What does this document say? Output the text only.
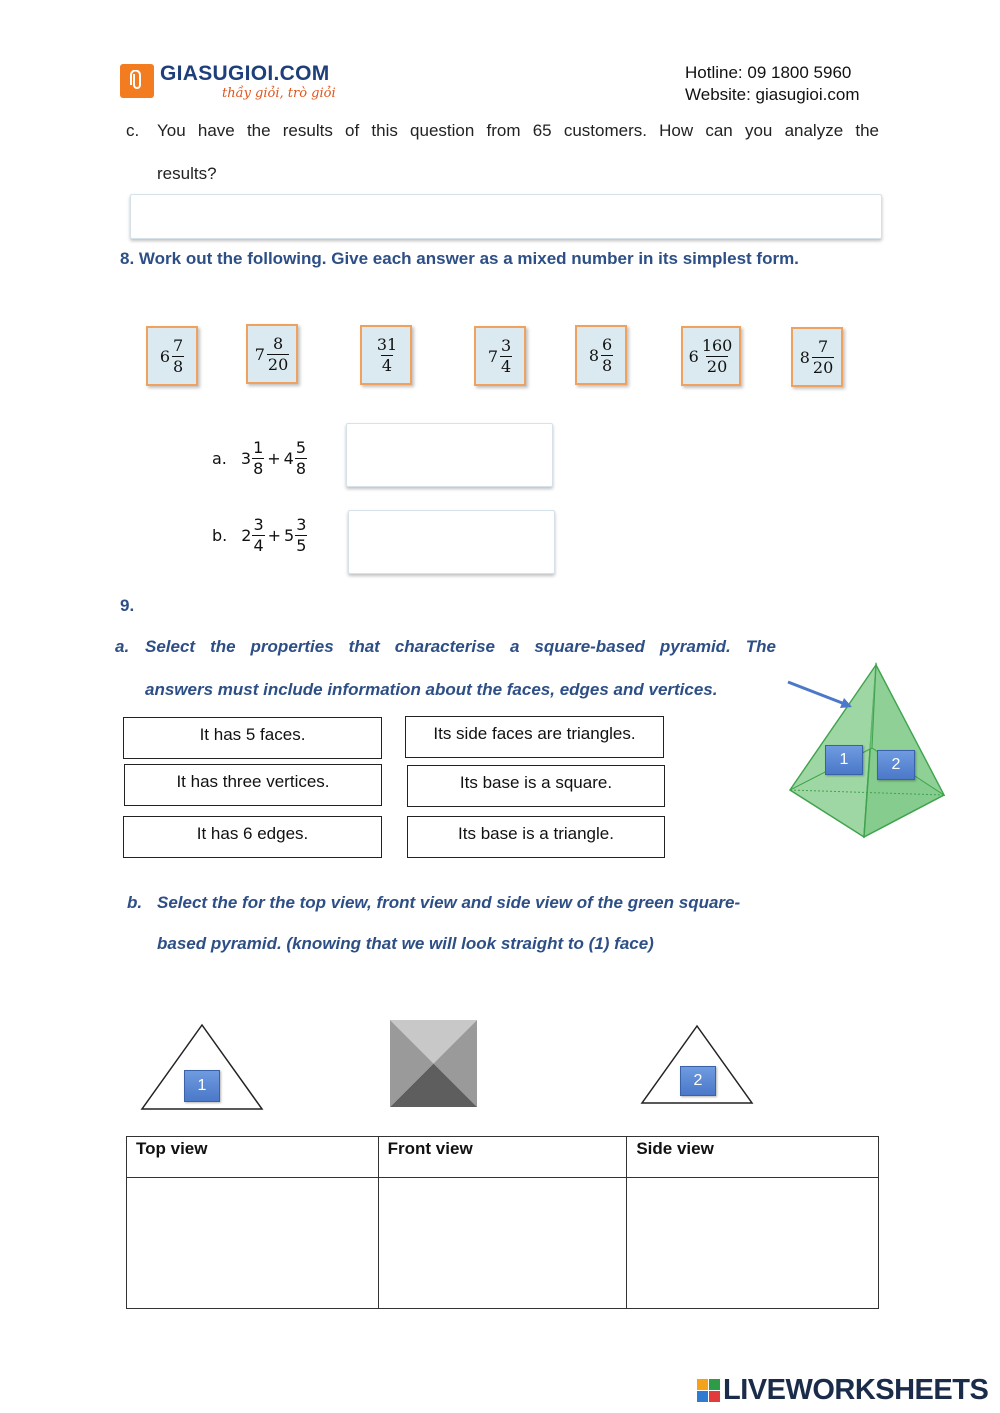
GIASUGIOI.COM
thầy giỏi, trò giỏi
Hotline: 09 1800 5960
Website: giasugioi.com
c. You have the results of this question from 65 customers. How can you analyze the
results?
8. Work out the following. Give each answer as a mixed number in its simplest form.
$6 \frac{7}{8}$	$7 \frac{8}{20}$	$\frac{31}{4}$	$7 \frac{3}{4}$	$8 \frac{6}{8}$	$6 \frac{160}{20}$	$8 \frac{7}{20}$
a. $3 \frac{1}{8} + 4 \frac{5}{8}$
b. $2 \frac{3}{4} + 5 \frac{3}{5}$
9.
a. Select the properties that characterise a square-based pyramid. The
answers must include information about the faces, edges and vertices.
It has 5 faces.
It has three vertices.
It has 6 edges.
Its side faces are triangles.
Its base is a square.
Its base is a triangle.
1	2
b. Select the for the top view, front view and side view of the green square-
based pyramid. (knowing that we will look straight to (1) face)
1	2
Top view	Front view	Side view

LIVEWORKSHEETS
